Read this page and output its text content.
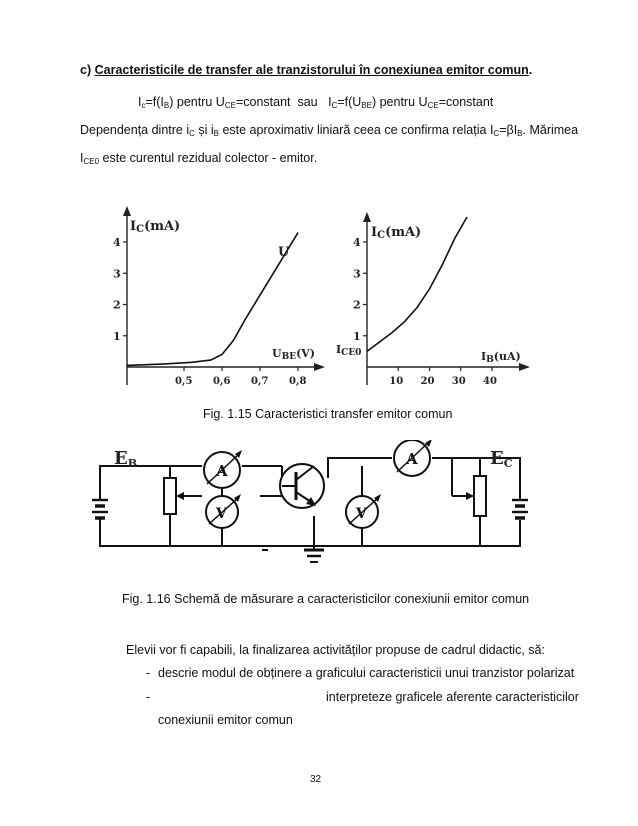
c) Caracteristicile de transfer ale tranzistorului în conexiunea emitor comun.
$I_c=f(I_B)$ pentru $U_{CE}=constant$ sau $I_C=f(U_{BE})$ pentru $U_{CE}=constant$
Dependența dintre $i_C$ și $i_B$ este aproximativ liniară ceea ce confirma relația $I_C=\beta I_B$. Mărimea
$I_{CE0}$ este curentul rezidual colector - emitor.
IC(mA)
UBE(V)
U
1
2
3
4
0,5 0,6 0,7 0,8
IC(mA)
IB(uA)
ICE0
1
2
3
4
10 20 30 40
Fig. 1.15 Caracteristici transfer emitor comun
A
V
A
V
EB	EC
Fig. 1.16 Schemă de măsurare a caracteristicilor conexiunii emitor comun
Elevii vor fi capabili, la finalizarea activităților propuse de cadrul didactic, să:
- descrie modul de obținere a graficului caracteristicii unui tranzistor polarizat
-	interpreteze graficele aferente caracteristicilor
conexiunii emitor comun
32
